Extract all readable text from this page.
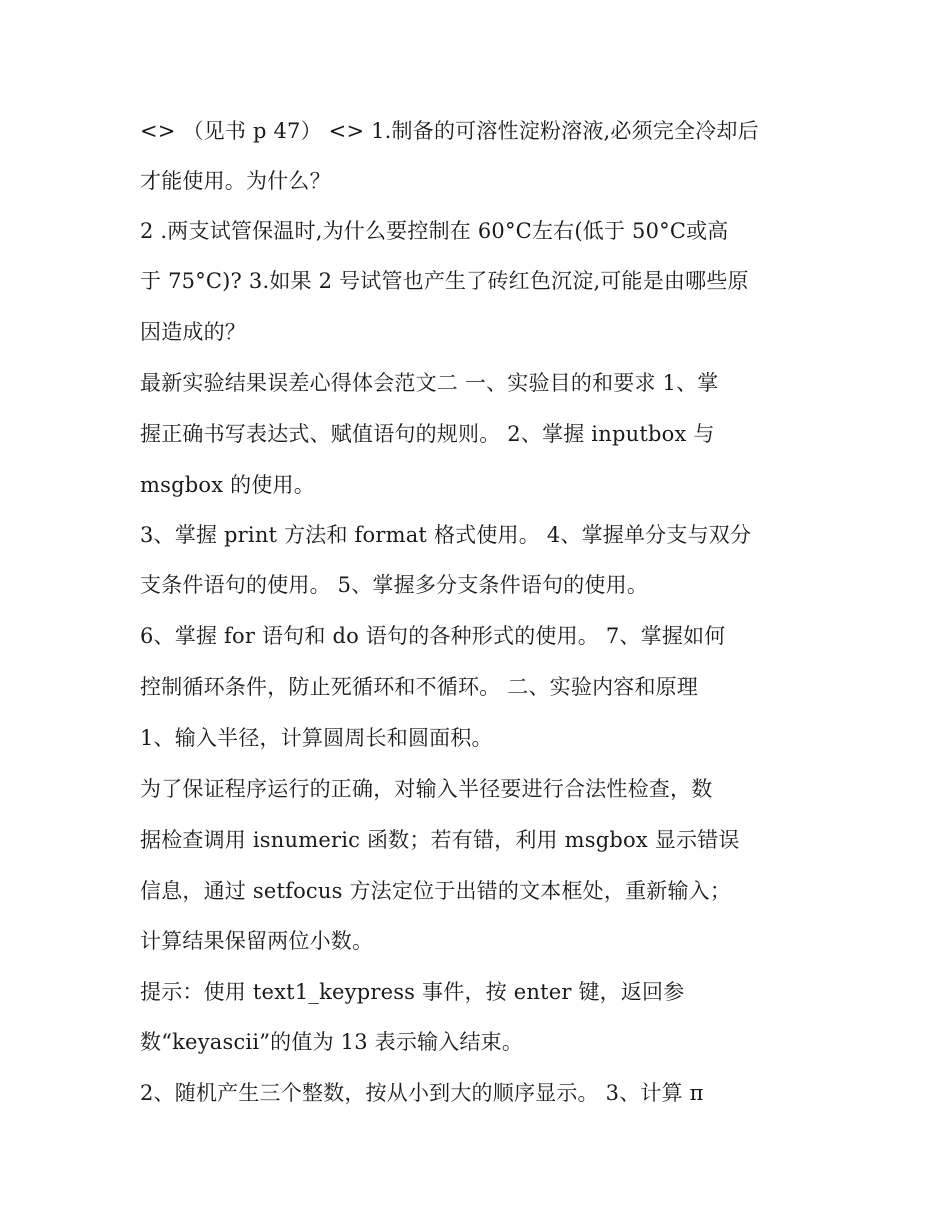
<> （见书 p 47） <> 1.制备的可溶性淀粉溶液,必须完全冷却后
才能使用。为什么？
2 .两支试管保温时,为什么要控制在 60°C左右(低于 50°C或高
于 75°C)? 3.如果 2 号试管也产生了砖红色沉淀,可能是由哪些原
因造成的？
最新实验结果误差心得体会范文二 一、实验目的和要求 1、掌
握正确书写表达式、赋值语句的规则。 2、掌握 inputbox 与
msgbox 的使用。
3、掌握 print 方法和 format 格式使用。 4、掌握单分支与双分
支条件语句的使用。 5、掌握多分支条件语句的使用。
6、掌握 for 语句和 do 语句的各种形式的使用。 7、掌握如何
控制循环条件，防止死循环和不循环。 二、实验内容和原理
1、输入半径，计算圆周长和圆面积。
为了保证程序运行的正确，对输入半径要进行合法性检查，数
据检查调用 isnumeric 函数；若有错，利用 msgbox 显示错误
信息，通过 setfocus 方法定位于出错的文本框处，重新输入；
计算结果保留两位小数。
提示：使用 text1_keypress 事件，按 enter 键，返回参
数“keyascii”的值为 13 表示输入结束。
2、随机产生三个整数，按从小到大的顺序显示。 3、计算 π
